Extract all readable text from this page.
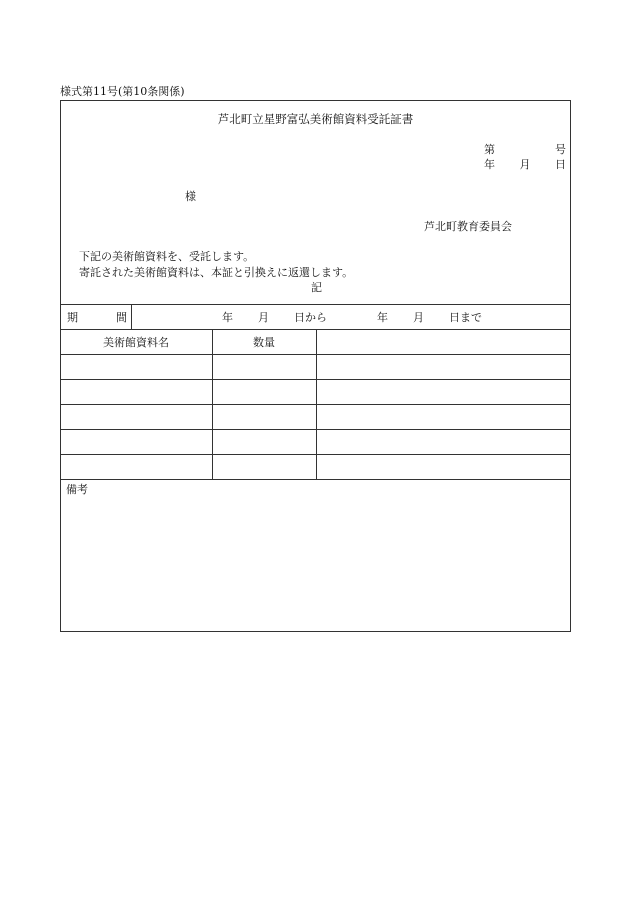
様式第11号(第10条関係)
芦北町立星野富弘美術館資料受託証書
第	号
年 月 日
様
芦北町教育委員会
下記の美術館資料を、受託します。
寄託された美術館資料は、本証と引換えに返還します。
記
期	間	年 月 日から	年 月 日まで
美術館資料名	数量
備考
